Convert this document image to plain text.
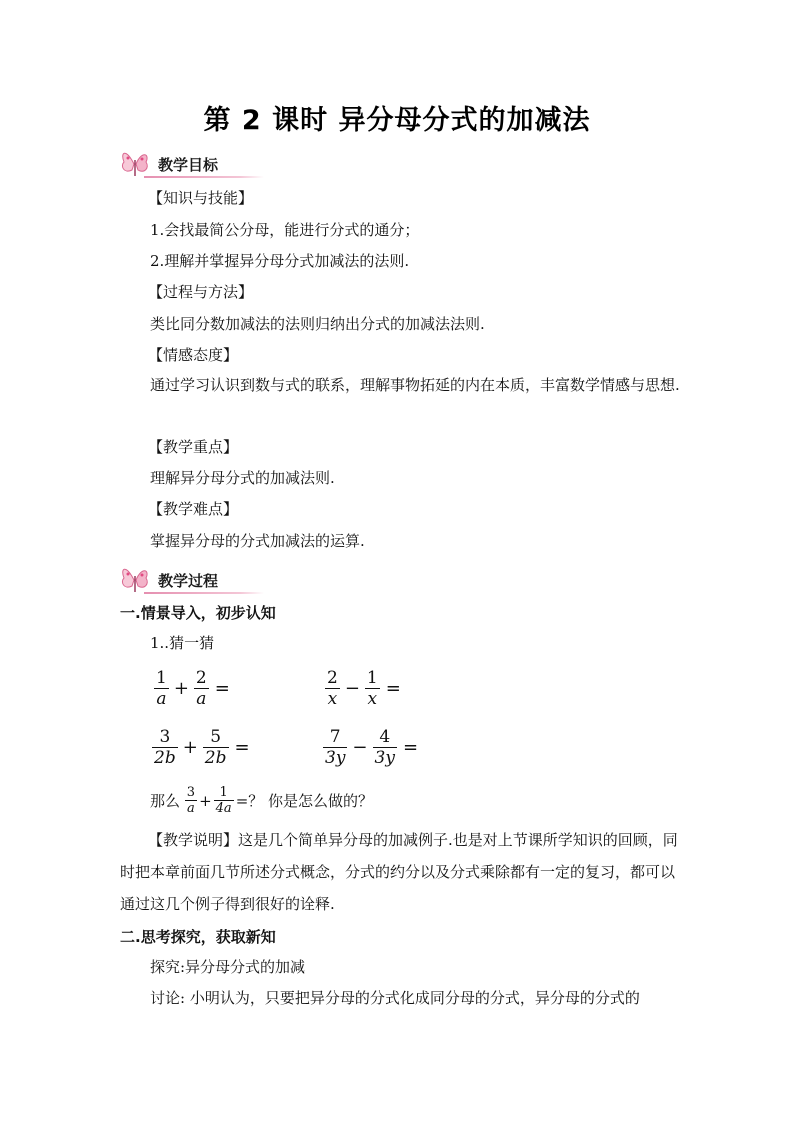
第 2 课时 异分母分式的加减法
教学目标
【知识与技能】
1.会找最简公分母，能进行分式的通分；
2.理解并掌握异分母分式加减法的法则.
【过程与方法】
类比同分数加减法的法则归纳出分式的加减法法则.
【情感态度】
通过学习认识到数与式的联系，理解事物拓延的内在本质，丰富数学情感与思想.
【教学重点】
理解异分母分式的加减法则.
【教学难点】
掌握异分母的分式加减法的运算.
教学过程
一.情景导入，初步认知
1..猜一猜
$\frac{1}{a} + \frac{2}{a}$ =	$\frac{2}{x} - \frac{1}{x}$ =
$\frac{3}{2b} + \frac{5}{2b}$ =	$\frac{7}{3y} - \frac{4}{3y}$ =
那么 $\frac{3}{a} + \frac{1}{4a}$ =？ 你是怎么做的？
【教学说明】这是几个简单异分母的加减例子.也是对上节课所学知识的回顾，同时把本章前面几节所述分式概念，分式的约分以及分式乘除都有一定的复习，都可以通过这几个例子得到很好的诠释.
二.思考探究，获取新知
探究:异分母分式的加减
讨论: 小明认为，只要把异分母的分式化成同分母的分式，异分母的分式的
